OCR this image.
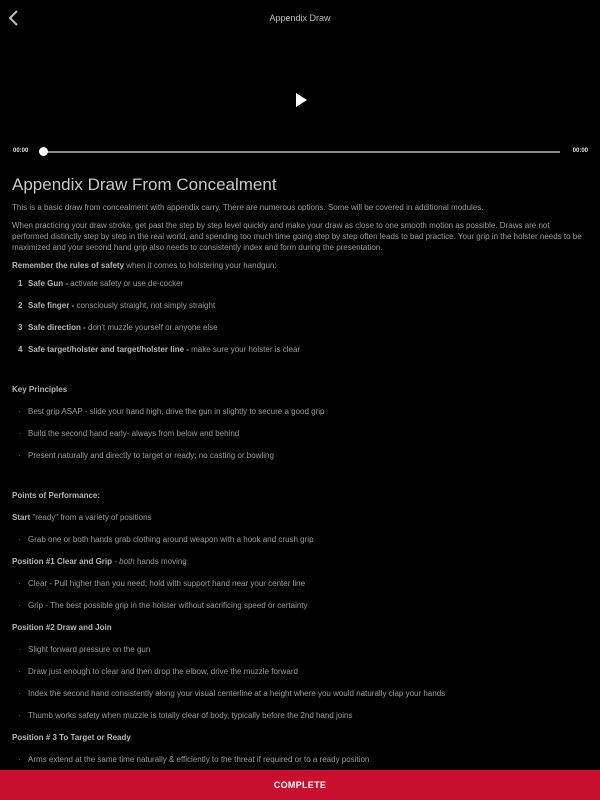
Appendix Draw
00:00	00:00
Appendix Draw From Concealment

This is a basic draw from concealment with appendix carry. There are numerous options. Some will be covered in additional modules.

When practicing your draw stroke, get past the step by step level quickly and make your draw as close to one smooth motion as possible. Draws are not performed distinctly step by step in the real world, and spending too much time going step by step often leads to bad practice. Your grip in the holster needs to be maximized and your second hand grip also needs to consistently index and form during the presentation.

Remember the rules of safety when it comes to holstering your handgun:

1 Safe Gun - activate safety or use de-cocker
2 Safe finger - consciously straight, not simply straight
3 Safe direction - don't muzzle yourself or anyone else
4 Safe target/holster and target/holster line - make sure your holster is clear
Key Principles
· Best grip ASAP - slide your hand high, drive the gun in slightly to secure a good grip
· Build the second hand early- always from below and behind
· Present naturally and directly to target or ready; no casting or bowling
Points of Performance:
Start "ready" from a variety of positions
· Grab one or both hands grab clothing around weapon with a hook and crush grip
Position #1 Clear and Grip - both hands moving
· Clear - Pull higher than you need; hold with support hand near your center line
· Grip - The best possible grip in the holster without sacrificing speed or certainty
Position #2 Draw and Join
· Slight forward pressure on the gun
· Draw just enough to clear and then drop the elbow, drive the muzzle forward
· Index the second hand consistently along your visual centerline at a height where you would naturally clap your hands
· Thumb works safety when muzzle is totally clear of body, typically before the 2nd hand joins
Position # 3 To Target or Ready
· Arms extend at the same time naturally & efficiently to the threat if required or to a ready position
COMPLETE
